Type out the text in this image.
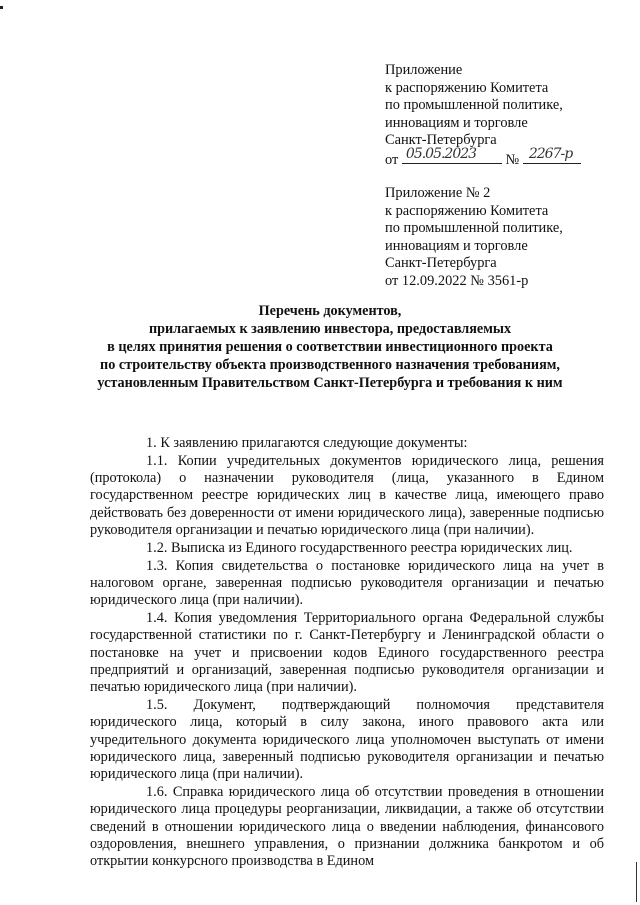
Приложение
к распоряжению Комитета
по промышленной политике,
инновациям и торговле
Санкт-Петербурга
от 05.05.2023 № 2267-р
Приложение № 2
к распоряжению Комитета
по промышленной политике,
инновациям и торговле
Санкт-Петербурга
от 12.09.2022 № 3561-р
Перечень документов,
прилагаемых к заявлению инвестора, предоставляемых
в целях принятия решения о соответствии инвестиционного проекта
по строительству объекта производственного назначения требованиям,
установленным Правительством Санкт-Петербурга и требования к ним

1. К заявлению прилагаются следующие документы:

1.1. Копии учредительных документов юридического лица, решения (протокола) о назначении руководителя (лица, указанного в Едином государственном реестре юридических лиц в качестве лица, имеющего право действовать без доверенности от имени юридического лица), заверенные подписью руководителя организации и печатью юридического лица (при наличии).

1.2. Выписка из Единого государственного реестра юридических лиц.

1.3. Копия свидетельства о постановке юридического лица на учет в налоговом органе, заверенная подписью руководителя организации и печатью юридического лица (при наличии).

1.4. Копия уведомления Территориального органа Федеральной службы государственной статистики по г. Санкт-Петербургу и Ленинградской области о постановке на учет и присвоении кодов Единого государственного реестра предприятий и организаций, заверенная подписью руководителя организации и печатью юридического лица (при наличии).

1.5. Документ, подтверждающий полномочия представителя юридического лица, который в силу закона, иного правового акта или учредительного документа юридического лица уполномочен выступать от имени юридического лица, заверенный подписью руководителя организации и печатью юридического лица (при наличии).

1.6. Справка юридического лица об отсутствии проведения в отношении юридического лица процедуры реорганизации, ликвидации, а также об отсутствии сведений в отношении юридического лица о введении наблюдения, финансового оздоровления, внешнего управления, о признании должника банкротом и об открытии конкурсного производства в Едином
